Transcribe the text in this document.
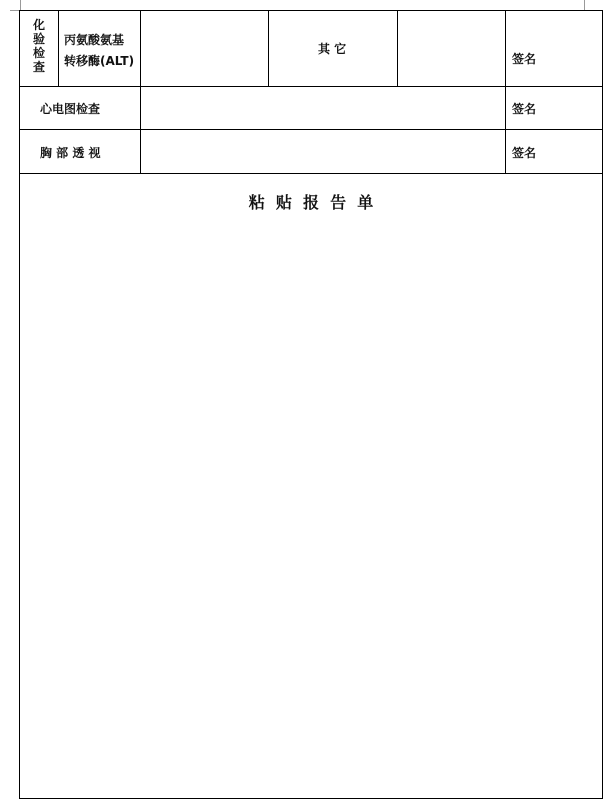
化验检查
丙氨酸氨基
转移酶(ALT)
其 它
签名
心电图检查	签名
胸 部 透 视	签名
粘  贴  报  告  单
